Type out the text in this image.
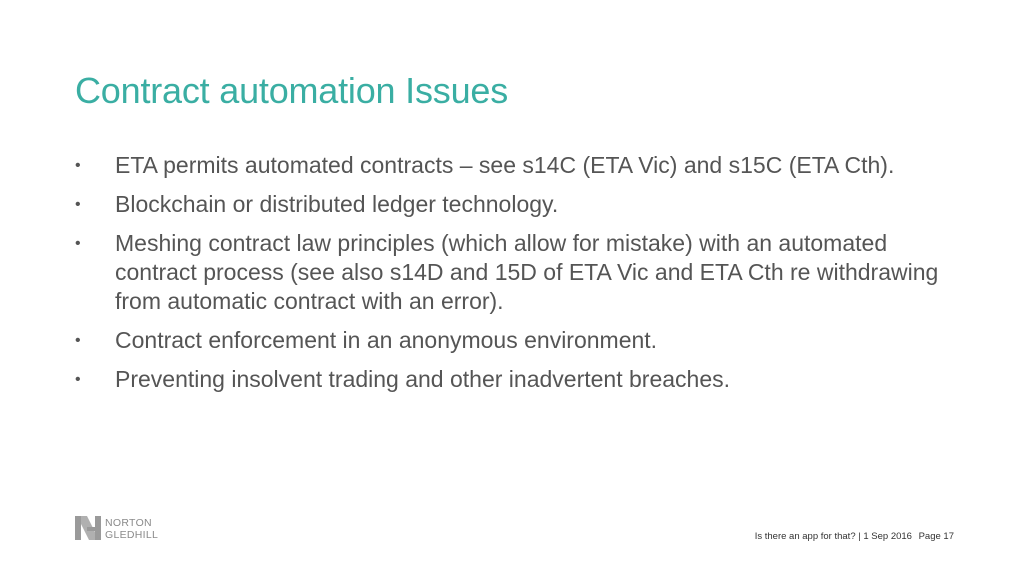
Contract automation Issues
• ETA permits automated contracts – see s14C (ETA Vic) and s15C (ETA Cth).
• Blockchain or distributed ledger technology.
• Meshing contract law principles (which allow for mistake) with an automated contract process (see also s14D and 15D of ETA Vic and ETA Cth re withdrawing from automatic contract with an error).
• Contract enforcement in an anonymous environment.
• Preventing insolvent trading and other inadvertent breaches.
NORTON
GLEDHILL	Is there an app for that? | 1 Sep 2016 Page 17
